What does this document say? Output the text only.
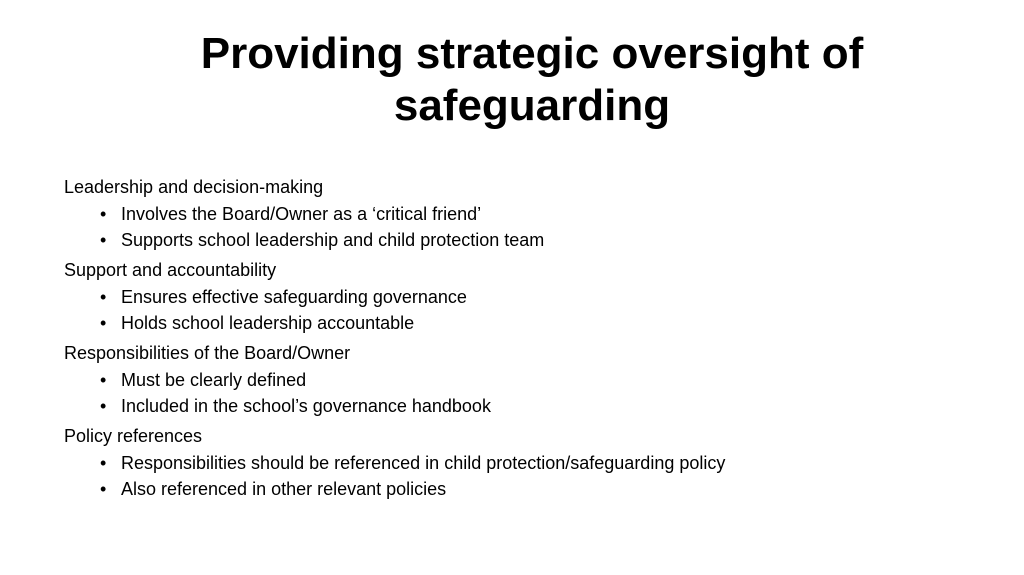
Providing strategic oversight of safeguarding
Leadership and decision-making
• Involves the Board/Owner as a ‘critical friend’
• Supports school leadership and child protection team
Support and accountability
• Ensures effective safeguarding governance
• Holds school leadership accountable
Responsibilities of the Board/Owner
• Must be clearly defined
• Included in the school’s governance handbook
Policy references
• Responsibilities should be referenced in child protection/safeguarding policy
• Also referenced in other relevant policies
